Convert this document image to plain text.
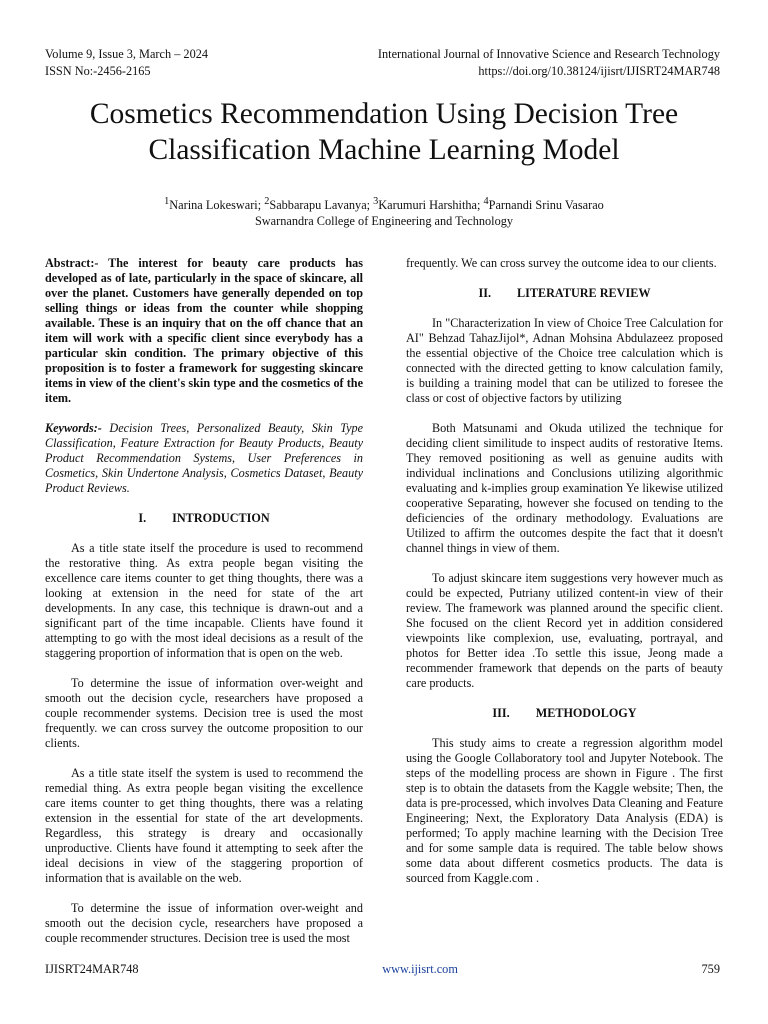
Volume 9, Issue 3, March – 2024	International Journal of Innovative Science and Research Technology
ISSN No:-2456-2165	https://doi.org/10.38124/ijisrt/IJISRT24MAR748
Cosmetics Recommendation Using Decision Tree
Classification Machine Learning Model
$^1$Narina Lokeswari; $^2$Sabbarapu Lavanya; $^3$Karumuri Harshitha; $^4$Parnandi Srinu Vasarao
Swarnandra College of Engineering and Technology

Abstract:- The interest for beauty care products has developed as of late, particularly in the space of skincare, all over the planet. Customers have generally depended on top selling things or ideas from the counter while shopping available. These is an inquiry that on the off chance that an item will work with a specific client since everybody has a particular skin condition. The primary objective of this proposition is to foster a framework for suggesting skincare items in view of the client's skin type and the cosmetics of the item.

Keywords:- Decision Trees, Personalized Beauty, Skin Type Classification, Feature Extraction for Beauty Products, Beauty Product Recommendation Systems, User Preferences in Cosmetics, Skin Undertone Analysis, Cosmetics Dataset, Beauty Product Reviews.

I. INTRODUCTION

As a title state itself the procedure is used to recommend the restorative thing. As extra people began visiting the excellence care items counter to get thing thoughts, there was a looking at extension in the need for state of the art developments. In any case, this technique is drawn-out and a significant part of the time incapable. Clients have found it attempting to go with the most ideal decisions as a result of the staggering proportion of information that is open on the web.

To determine the issue of information over-weight and smooth out the decision cycle, researchers have proposed a couple recommender systems. Decision tree is used the most frequently. we can cross survey the outcome proposition to our clients.

As a title state itself the system is used to recommend the remedial thing. As extra people began visiting the excellence care items counter to get thing thoughts, there was a relating extension in the essential for state of the art developments. Regardless, this strategy is dreary and occasionally unproductive. Clients have found it attempting to seek after the ideal decisions in view of the staggering proportion of information that is available on the web.

To determine the issue of information over-weight and smooth out the decision cycle, researchers have proposed a couple recommender structures. Decision tree is used the most

frequently. We can cross survey the outcome idea to our clients.

II. LITERATURE REVIEW

In "Characterization In view of Choice Tree Calculation for AI" Behzad TahazJijol*, Adnan Mohsina Abdulazeez proposed the essential objective of the Choice tree calculation which is connected with the directed getting to know calculation family, is building a training model that can be utilized to foresee the class or cost of objective factors by utilizing

Both Matsunami and Okuda utilized the technique for deciding client similitude to inspect audits of restorative Items. They removed positioning as well as genuine audits with individual inclinations and Conclusions utilizing algorithmic evaluating and k-implies group examination Ye likewise utilized cooperative Separating, however she focused on tending to the deficiencies of the ordinary methodology. Evaluations are Utilized to affirm the outcomes despite the fact that it doesn't channel things in view of them.

To adjust skincare item suggestions very however much as could be expected, Putriany utilized content-in view of their review. The framework was planned around the specific client. She focused on the client Record yet in addition considered viewpoints like complexion, use, evaluating, portrayal, and photos for Better idea .To settle this issue, Jeong made a recommender framework that depends on the parts of beauty care products.

III. METHODOLOGY

This study aims to create a regression algorithm model using the Google Collaboratory tool and Jupyter Notebook. The steps of the modelling process are shown in Figure . The first step is to obtain the datasets from the Kaggle website; Then, the data is pre-processed, which involves Data Cleaning and Feature Engineering; Next, the Exploratory Data Analysis (EDA) is performed; To apply machine learning with the Decision Tree and for some sample data is required. The table below shows some data about different cosmetics products. The data is sourced from Kaggle.com .

IJISRT24MAR748	www.ijisrt.com	759
